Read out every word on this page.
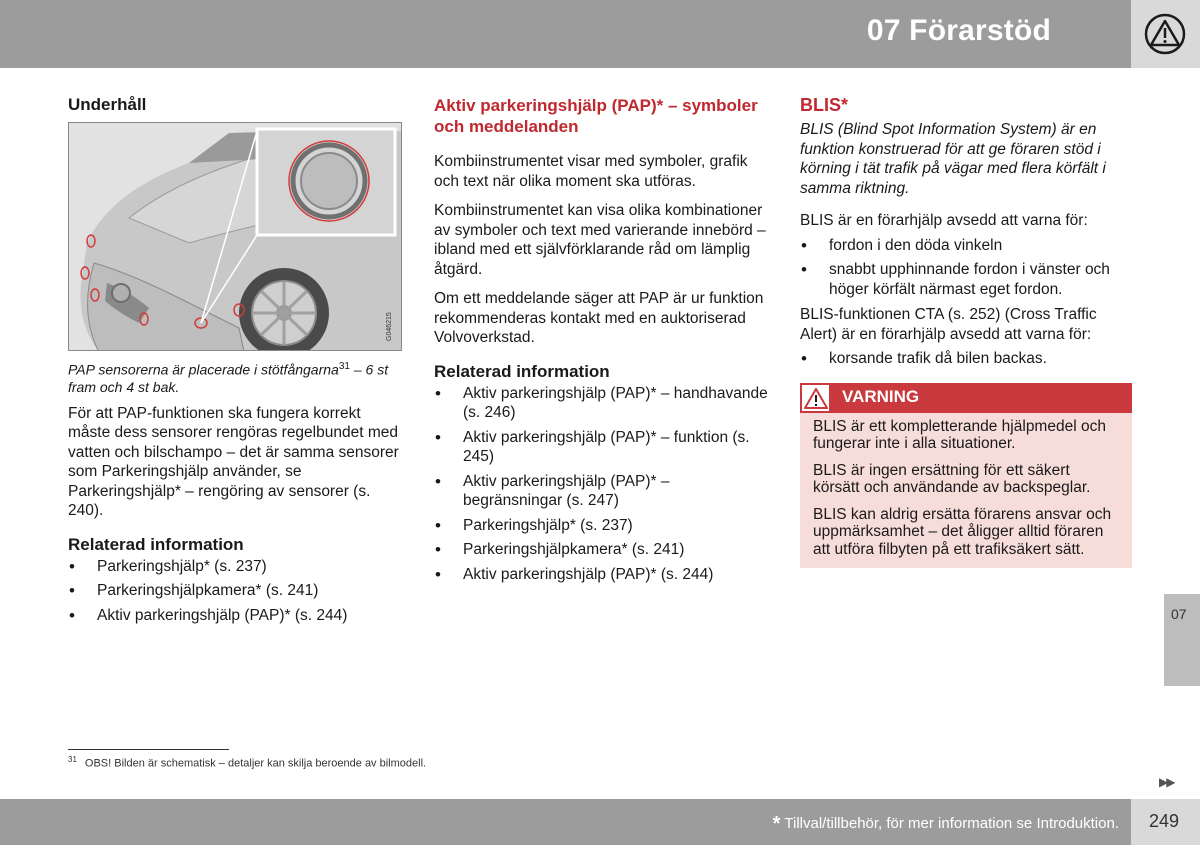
07 Förarstöd
Underhåll
G046215

PAP sensorerna är placerade i stötfångarna$^{31}$ – 6 st fram och 4 st bak.

För att PAP-funktionen ska fungera korrekt måste dess sensorer rengöras regelbundet med vatten och bilschampo – det är samma sensorer som Parkeringshjälp använder, se Parkeringshjälp* – rengöring av sensorer (s. 240).

Relaterad information
• Parkeringshjälp* (s. 237)
• Parkeringshjälpkamera* (s. 241)
• Aktiv parkeringshjälp (PAP)* (s. 244)
Aktiv parkeringshjälp (PAP)* – symboler och meddelanden

Kombiinstrumentet visar med symboler, grafik och text när olika moment ska utföras.

Kombiinstrumentet kan visa olika kombinationer av symboler och text med varierande innebörd – ibland med ett självförklarande råd om lämplig åtgärd.

Om ett meddelande säger att PAP är ur funktion rekommenderas kontakt med en auktoriserad Volvoverkstad.

Relaterad information
• Aktiv parkeringshjälp (PAP)* – handhavande (s. 246)
• Aktiv parkeringshjälp (PAP)* – funktion (s. 245)
• Aktiv parkeringshjälp (PAP)* – begränsningar (s. 247)
• Parkeringshjälp* (s. 237)
• Parkeringshjälpkamera* (s. 241)
• Aktiv parkeringshjälp (PAP)* (s. 244)
BLIS*

BLIS (Blind Spot Information System) är en funktion konstruerad för att ge föraren stöd i körning i tät trafik på vägar med flera körfält i samma riktning.

BLIS är en förarhjälp avsedd att varna för:

• fordon i den döda vinkeln
• snabbt upphinnande fordon i vänster och höger körfält närmast eget fordon.

BLIS-funktionen CTA (s. 252) (Cross Traffic Alert) är en förarhjälp avsedd att varna för:

• korsande trafik då bilen backas.
VARNING

BLIS är ett kompletterande hjälpmedel och fungerar inte i alla situationer.

BLIS är ingen ersättning för ett säkert körsätt och användande av backspeglar.

BLIS kan aldrig ersätta förarens ansvar och uppmärksamhet – det åligger alltid föraren att utföra filbyten på ett trafiksäkert sätt.

07
$^{31}$ OBS! Bilden är schematisk – detaljer kan skilja beroende av bilmodell.
▶▶
* Tillval/tillbehör, för mer information se Introduktion. 249
